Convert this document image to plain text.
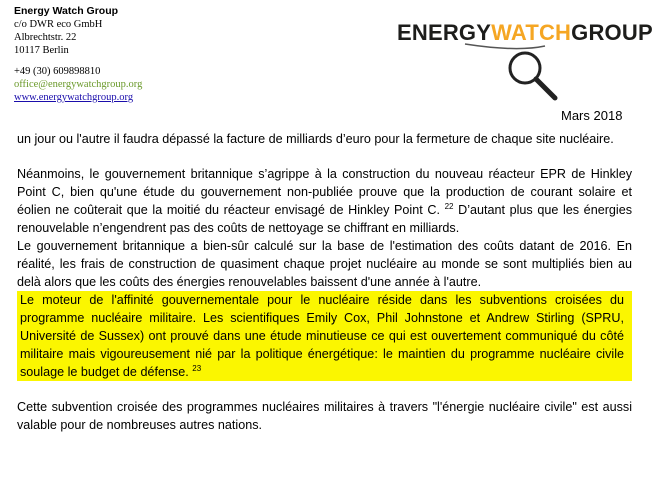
Energy Watch Group
c/o DWR eco GmbH
Albrechtstr. 22
10117 Berlin
+49 (30) 609898810
office@energywatchgroup.org
www.energywatchgroup.org
ENERGYWATCHGROUP
Mars 2018

un jour ou l'autre il faudra dépassé la facture de milliards d’euro pour la fermeture de chaque site nucléaire.

Néanmoins, le gouvernement britannique s’agrippe à la construction du nouveau réacteur EPR de Hinkley Point C, bien qu'une étude du gouvernement non-publiée prouve que la production de courant solaire et éolien ne coûterait que la moitié du réacteur envisagé de Hinkley Point C. $^{22}$ D’autant plus que les énergies renouvelable n’engendrent pas des coûts de nettoyage se chiffrant en milliards.

Le gouvernement britannique a bien-sûr calculé sur la base de l'estimation des coûts datant de 2016. En réalité, les frais de construction de quasiment chaque projet nucléaire au monde se sont multipliés bien au delà alors que les coûts des énergies renouvelables baissent d'une année à l'autre.

Le moteur de l'affinité gouvernementale pour le nucléaire réside dans les subventions croisées du programme nucléaire militaire. Les scientifiques Emily Cox, Phil Johnstone et Andrew Stirling (SPRU, Université de Sussex) ont prouvé dans une étude minutieuse ce qui est ouvertement communiqué du côté militaire mais vigoureusement nié par la politique énergétique: le maintien du programme nucléaire civile soulage le budget de défense. $^{23}$

Cette subvention croisée des programmes nucléaires militaires à travers "l'énergie nucléaire civile" est aussi valable pour de nombreuses autres nations.
